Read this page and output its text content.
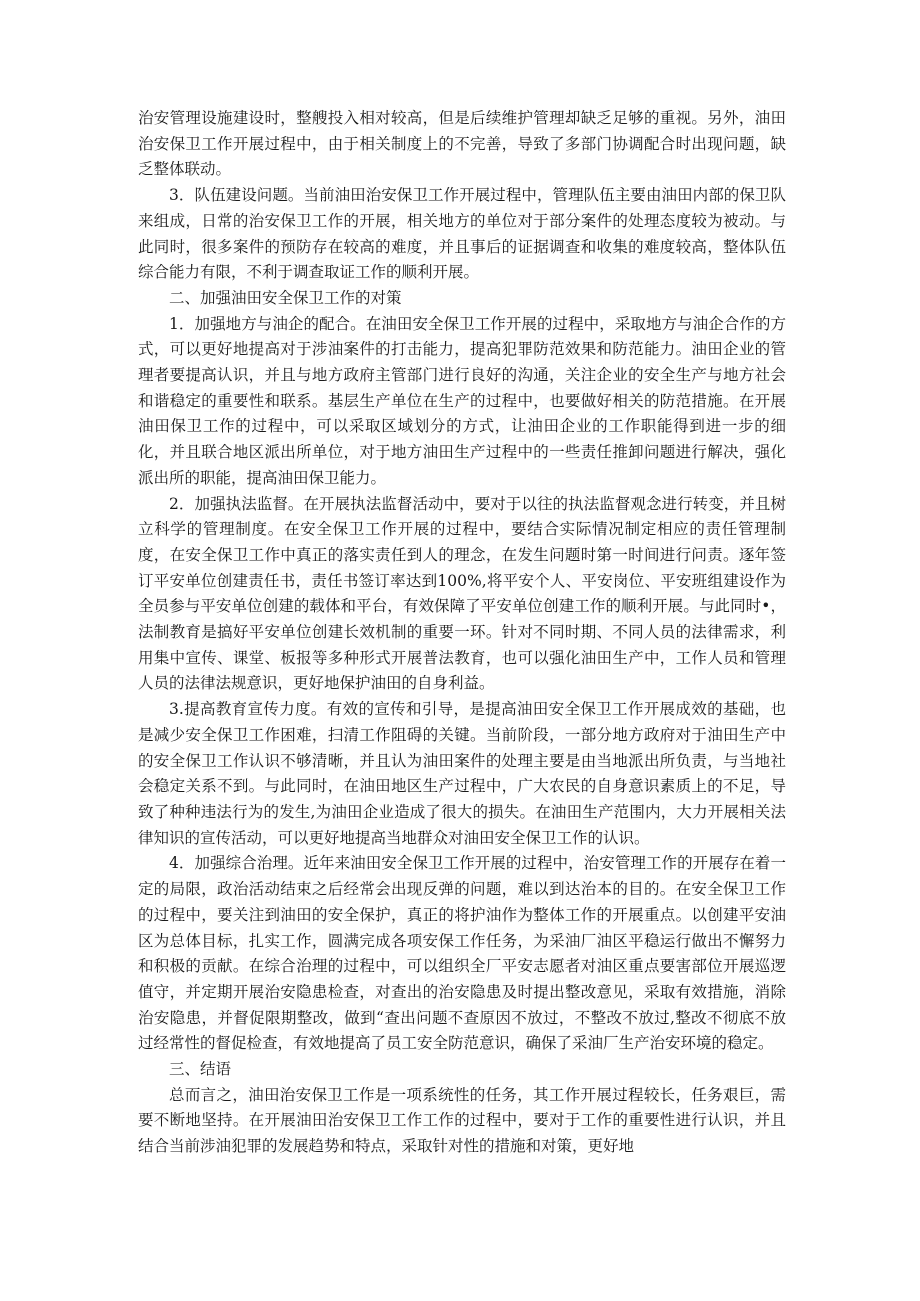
治安管理设施建设时，整艘投入相对较高，但是后续维护管理却缺乏足够的重视。另外，油田治安保卫工作开展过程中，由于相关制度上的不完善，导致了多部门协调配合时出现问题，缺乏整体联动。

3．队伍建设问题。当前油田治安保卫工作开展过程中，管理队伍主要由油田内部的保卫队来组成，日常的治安保卫工作的开展，相关地方的单位对于部分案件的处理态度较为被动。与此同时，很多案件的预防存在较高的难度，并且事后的证据调查和收集的难度较高，整体队伍综合能力有限，不利于调查取证工作的顺利开展。

二、加强油田安全保卫工作的对策

1．加强地方与油企的配合。在油田安全保卫工作开展的过程中，采取地方与油企合作的方式，可以更好地提高对于涉油案件的打击能力，提高犯罪防范效果和防范能力。油田企业的管理者要提高认识，并且与地方政府主管部门进行良好的沟通，关注企业的安全生产与地方社会和谐稳定的重要性和联系。基层生产单位在生产的过程中，也要做好相关的防范措施。在开展油田保卫工作的过程中，可以采取区域划分的方式，让油田企业的工作职能得到进一步的细化，并且联合地区派出所单位，对于地方油田生产过程中的一些责任推卸问题进行解决，强化派出所的职能，提高油田保卫能力。

2．加强执法监督。在开展执法监督活动中，要对于以往的执法监督观念进行转变，并且树立科学的管理制度。在安全保卫工作开展的过程中，要结合实际情况制定相应的责任管理制度，在安全保卫工作中真正的落实责任到人的理念，在发生问题时第一时间进行问责。逐年签订平安单位创建责任书，责任书签订率达到100%,将平安个人、平安岗位、平安班组建设作为全员参与平安单位创建的载体和平台，有效保障了平安单位创建工作的顺利开展。与此同时•，法制教育是搞好平安单位创建长效机制的重要一环。针对不同时期、不同人员的法律需求，利用集中宣传、课堂、板报等多种形式开展普法教育，也可以强化油田生产中，工作人员和管理人员的法律法规意识，更好地保护油田的自身利益。

3.提高教育宣传力度。有效的宣传和引导，是提高油田安全保卫工作开展成效的基础，也是减少安全保卫工作困难，扫清工作阻碍的关键。当前阶段，一部分地方政府对于油田生产中的安全保卫工作认识不够清晰，并且认为油田案件的处理主要是由当地派出所负责，与当地社会稳定关系不到。与此同时，在油田地区生产过程中，广大农民的自身意识素质上的不足，导致了种种违法行为的发生,为油田企业造成了很大的损失。在油田生产范围内，大力开展相关法律知识的宣传活动，可以更好地提高当地群众对油田安全保卫工作的认识。

4．加强综合治理。近年来油田安全保卫工作开展的过程中，治安管理工作的开展存在着一定的局限，政治活动结束之后经常会出现反弹的问题，难以到达治本的目的。在安全保卫工作的过程中，要关注到油田的安全保护，真正的将护油作为整体工作的开展重点。以创建平安油区为总体目标，扎实工作，圆满完成各项安保工作任务，为采油厂油区平稳运行做出不懈努力和积极的贡献。在综合治理的过程中，可以组织全厂平安志愿者对油区重点要害部位开展巡逻值守，并定期开展治安隐患检查，对查出的治安隐患及时提出整改意见，采取有效措施，消除治安隐患，并督促限期整改，做到“查出问题不查原因不放过，不整改不放过,整改不彻底不放过经常性的督促检查，有效地提高了员工安全防范意识，确保了采油厂生产治安环境的稳定。

三、结语

总而言之，油田治安保卫工作是一项系统性的任务，其工作开展过程较长，任务艰巨，需要不断地坚持。在开展油田治安保卫工作工作的过程中，要对于工作的重要性进行认识，并且结合当前涉油犯罪的发展趋势和特点，采取针对性的措施和对策，更好地
